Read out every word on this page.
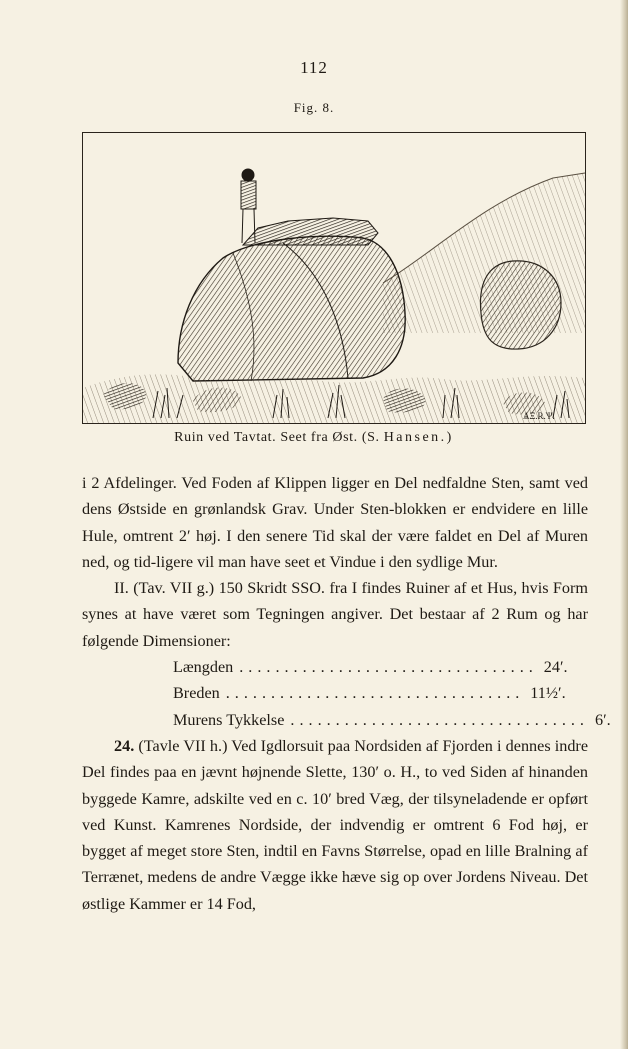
112
Fig. 8.
ѦΞ.R.Ѱ.
Ruin ved Tavtat. Seet fra Øst. (S. Hansen.)

i 2 Afdelinger. Ved Foden af Klippen ligger en Del nedfaldne Sten, samt ved dens Østside en grønlandsk Grav. Under Sten-blokken er endvidere en lille Hule, omtrent 2′ høj. I den senere Tid skal der være faldet en Del af Muren ned, og tid-ligere vil man have seet et Vindue i den sydlige Mur.

II. (Tav. VII g.) 150 Skridt SSO. fra I findes Ruiner af et Hus, hvis Form synes at have været som Tegningen angiver. Det bestaar af 2 Rum og har følgende Dimensioner:

Længden ................................. 24′.
Breden ................................. 11½′.
Murens Tykkelse ................................. 6′.

24. (Tavle VII h.) Ved Igdlorsuit paa Nordsiden af Fjorden i dennes indre Del findes paa en jævnt højnende Slette, 130′ o. H., to ved Siden af hinanden byggede Kamre, adskilte ved en c. 10′ bred Væg, der tilsyneladende er opført ved Kunst. Kamrenes Nordside, der indvendig er omtrent 6 Fod høj, er bygget af meget store Sten, indtil en Favns Størrelse, opad en lille Bralning af Terrænet, medens de andre Vægge ikke hæve sig op over Jordens Niveau. Det østlige Kammer er 14 Fod,
